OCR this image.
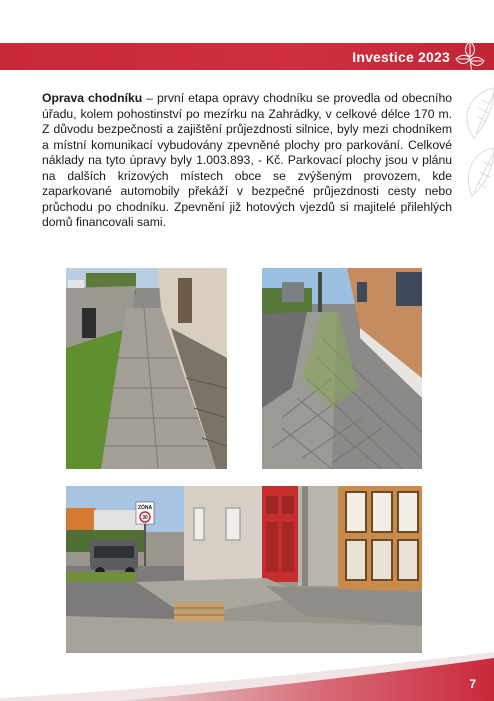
Investice 2023

Oprava chodníku – první etapa opravy chodníku se provedla od obecního úřadu, kolem pohostinství po mezírku na Zahrádky, v celkové délce 170 m. Z důvodu bezpečnosti a zajištění průjezdnosti silnice, byly mezi chodníkem a místní komunikací vybudovány zpevněné plochy pro parkování. Celkové náklady na tyto úpravy byly 1.003.893, - Kč. Parkovací plochy jsou v plánu na dalších krizových místech obce se zvýšeným provozem, kde zaparkované automobily překáží v bezpečné průjezdnosti cesty nebo průchodu po chodníku. Zpevnění již hotových vjezdů si majitelé přilehlých domů financovali sami.

ZÓNA
30
7
